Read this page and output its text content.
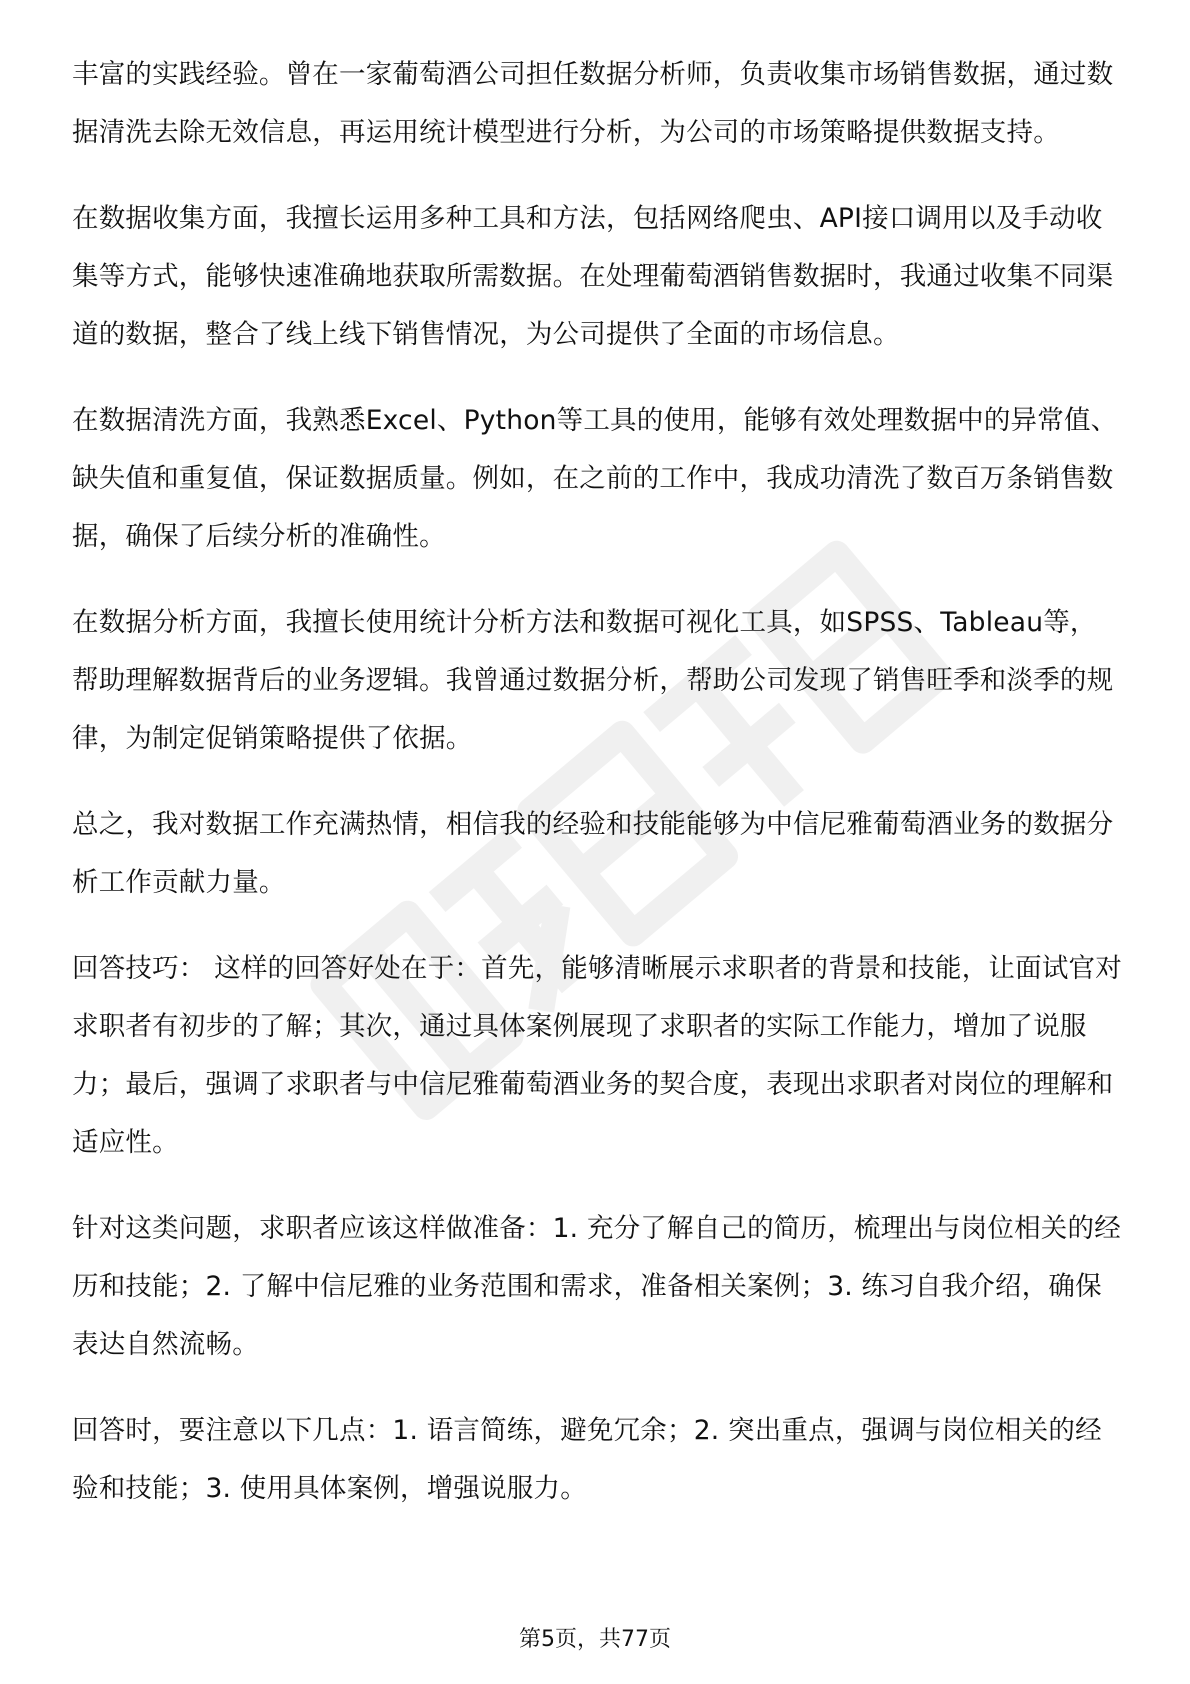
丰富的实践经验。曾在一家葡萄酒公司担任数据分析师，负责收集市场销售数据，通过数据清洗去除无效信息，再运用统计模型进行分析，为公司的市场策略提供数据支持。

在数据收集方面，我擅长运用多种工具和方法，包括网络爬虫、API接口调用以及手动收集等方式，能够快速准确地获取所需数据。在处理葡萄酒销售数据时，我通过收集不同渠道的数据，整合了线上线下销售情况，为公司提供了全面的市场信息。

在数据清洗方面，我熟悉Excel、Python等工具的使用，能够有效处理数据中的异常值、缺失值和重复值，保证数据质量。例如，在之前的工作中，我成功清洗了数百万条销售数据，确保了后续分析的准确性。

在数据分析方面，我擅长使用统计分析方法和数据可视化工具，如SPSS、Tableau等，帮助理解数据背后的业务逻辑。我曾通过数据分析，帮助公司发现了销售旺季和淡季的规律，为制定促销策略提供了依据。

总之，我对数据工作充满热情，相信我的经验和技能能够为中信尼雅葡萄酒业务的数据分析工作贡献力量。

回答技巧： 这样的回答好处在于：首先，能够清晰展示求职者的背景和技能，让面试官对求职者有初步的了解；其次，通过具体案例展现了求职者的实际工作能力，增加了说服力；最后，强调了求职者与中信尼雅葡萄酒业务的契合度，表现出求职者对岗位的理解和适应性。

针对这类问题，求职者应该这样做准备：1. 充分了解自己的简历，梳理出与岗位相关的经历和技能；2. 了解中信尼雅的业务范围和需求，准备相关案例；3. 练习自我介绍，确保表达自然流畅。

回答时，要注意以下几点：1. 语言简练，避免冗余；2. 突出重点，强调与岗位相关的经验和技能；3. 使用具体案例，增强说服力。

第5页，共77页
